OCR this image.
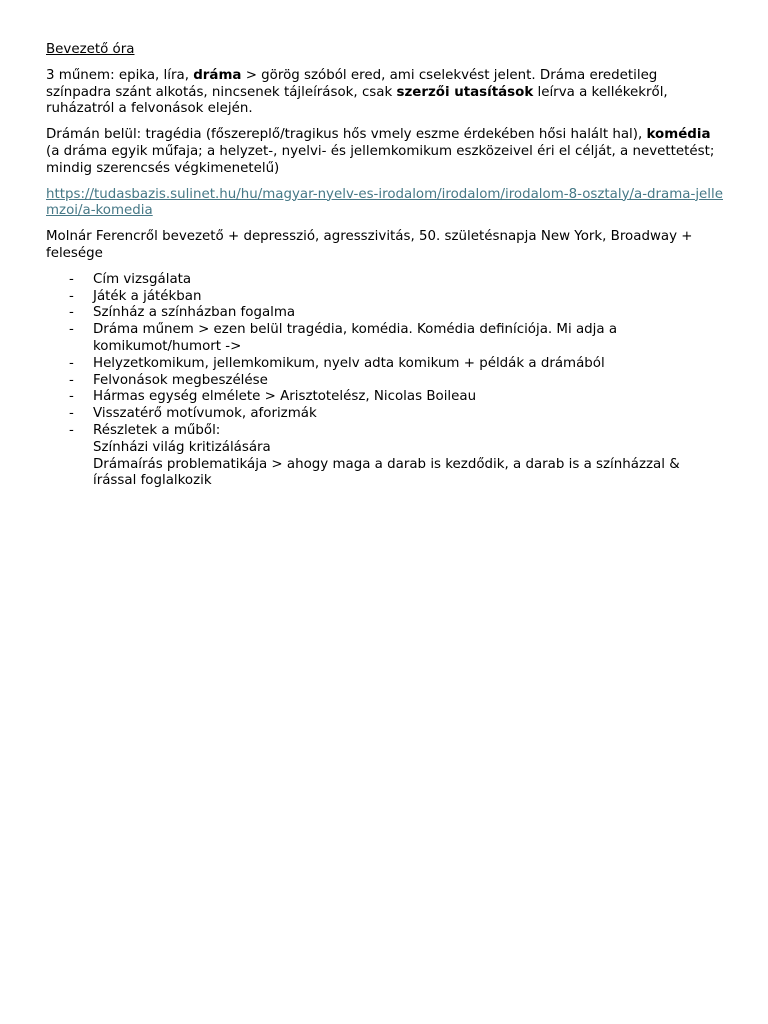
Bevezető óra

3 műnem: epika, líra, dráma > görög szóból ered, ami cselekvést jelent. Dráma eredetileg színpadra szánt alkotás, nincsenek tájleírások, csak szerzői utasítások leírva a kellékekről, ruházatról a felvonások elején.

Drámán belül: tragédia (főszereplő/tragikus hős vmely eszme érdekében hősi halált hal), komédia (a dráma egyik műfaja; a helyzet-, nyelvi- és jellemkomikum eszközeivel éri el célját, a nevettetést; mindig szerencsés végkimenetelű)

https://tudasbazis.sulinet.hu/hu/magyar-nyelv-es-irodalom/irodalom/irodalom-8-osztaly/a-drama-jellemzoi/a-komedia

Molnár Ferencről bevezető + depresszió, agresszivitás, 50. születésnapja New York, Broadway + felesége

- Cím vizsgálata
- Játék a játékban
- Színház a színházban fogalma
- Dráma műnem > ezen belül tragédia, komédia. Komédia definíciója. Mi adja a komikumot/humort ->
- Helyzetkomikum, jellemkomikum, nyelv adta komikum + példák a drámából
- Felvonások megbeszélése
- Hármas egység elmélete > Arisztotelész, Nicolas Boileau
- Visszatérő motívumok, aforizmák
- Részletek a műből:
Színházi világ kritizálására
Drámaírás problematikája > ahogy maga a darab is kezdődik, a darab is a színházzal & írással foglalkozik
